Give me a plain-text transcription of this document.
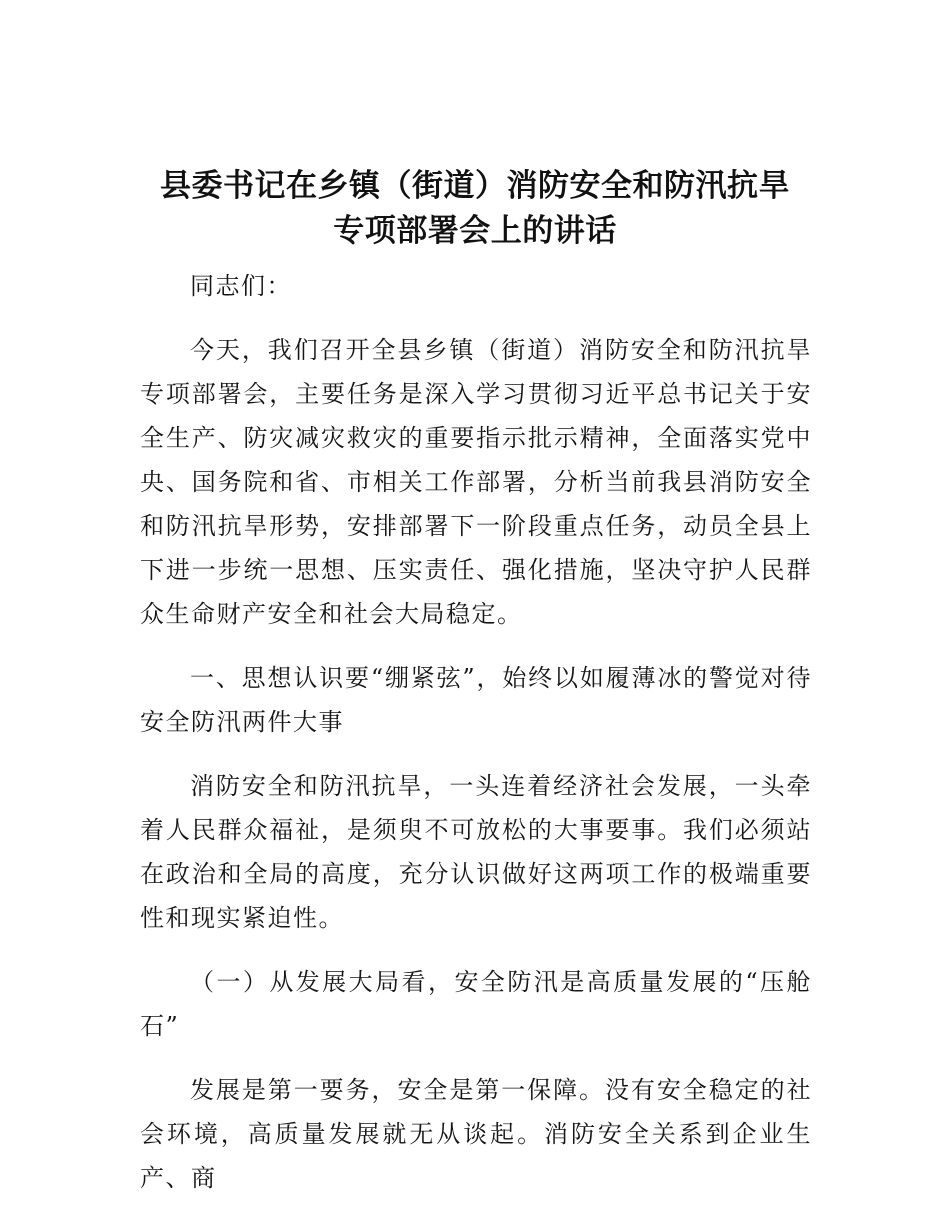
县委书记在乡镇（街道）消防安全和防汛抗旱
专项部署会上的讲话

同志们：

今天，我们召开全县乡镇（街道）消防安全和防汛抗旱专项部署会，主要任务是深入学习贯彻习近平总书记关于安全生产、防灾减灾救灾的重要指示批示精神，全面落实党中央、国务院和省、市相关工作部署，分析当前我县消防安全和防汛抗旱形势，安排部署下一阶段重点任务，动员全县上下进一步统一思想、压实责任、强化措施，坚决守护人民群众生命财产安全和社会大局稳定。

一、思想认识要“绷紧弦”，始终以如履薄冰的警觉对待安全防汛两件大事

消防安全和防汛抗旱，一头连着经济社会发展，一头牵着人民群众福祉，是须臾不可放松的大事要事。我们必须站在政治和全局的高度，充分认识做好这两项工作的极端重要性和现实紧迫性。

（一）从发展大局看，安全防汛是高质量发展的“压舱石”

发展是第一要务，安全是第一保障。没有安全稳定的社会环境，高质量发展就无从谈起。消防安全关系到企业生产、商
